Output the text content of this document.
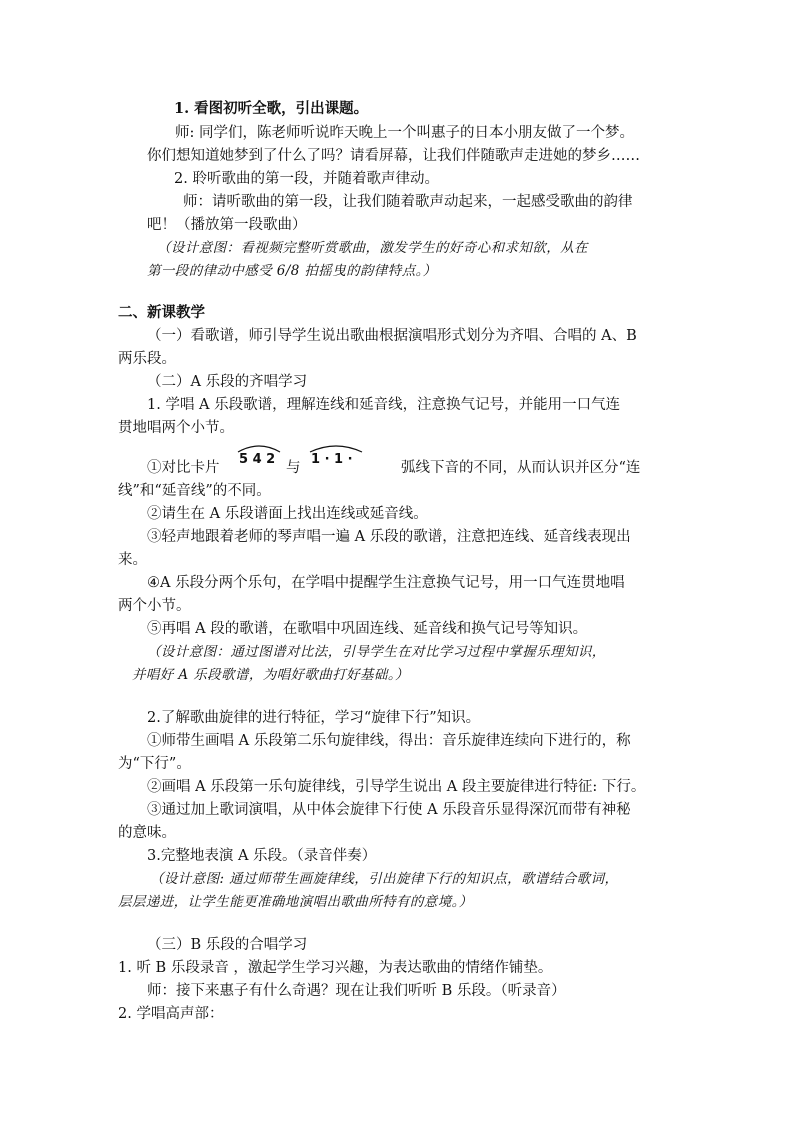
1. 看图初听全歌，引出课题。
师: 同学们，陈老师听说昨天晚上一个叫惠子的日本小朋友做了一个梦。
你们想知道她梦到了什么了吗？请看屏幕，让我们伴随歌声走进她的梦乡……
2. 聆听歌曲的第一段，并随着歌声律动。
师：请听歌曲的第一段，让我们随着歌声动起来，一起感受歌曲的韵律
吧！（播放第一段歌曲）
（设计意图：看视频完整听赏歌曲，激发学生的好奇心和求知欲，从在
第一段的律动中感受 6/8 拍摇曳的韵律特点。）
二、新课教学
（一）看歌谱，师引导学生说出歌曲根据演唱形式划分为齐唱、合唱的 A、B
两乐段。
（二）A 乐段的齐唱学习
1. 学唱 A 乐段歌谱，理解连线和延音线，注意换气记号，并能用一口气连
贯地唱两个小节。
①对比卡片
5 4 2
与
1 · 1 ·
弧线下音的不同，从而认识并区分“连
线”和“延音线”的不同。
②请生在 A 乐段谱面上找出连线或延音线。
③轻声地跟着老师的琴声唱一遍 A 乐段的歌谱，注意把连线、延音线表现出
来。
④A 乐段分两个乐句，在学唱中提醒学生注意换气记号，用一口气连贯地唱
两个小节。
⑤再唱 A 段的歌谱，在歌唱中巩固连线、延音线和换气记号等知识。
（设计意图：通过图谱对比法，引导学生在对比学习过程中掌握乐理知识，
并唱好 A 乐段歌谱，为唱好歌曲打好基础。）
2.了解歌曲旋律的进行特征，学习“旋律下行”知识。
①师带生画唱 A 乐段第二乐句旋律线，得出：音乐旋律连续向下进行的，称
为“下行”。
②画唱 A 乐段第一乐句旋律线，引导学生说出 A 段主要旋律进行特征: 下行。
③通过加上歌词演唱，从中体会旋律下行使 A 乐段音乐显得深沉而带有神秘
的意味。
3.完整地表演 A 乐段。（录音伴奏）
（设计意图: 通过师带生画旋律线，引出旋律下行的知识点，歌谱结合歌词，
层层递进，让学生能更准确地演唱出歌曲所特有的意境。）
（三）B 乐段的合唱学习
1. 听 B 乐段录音 ，激起学生学习兴趣，为表达歌曲的情绪作铺垫。
师：接下来惠子有什么奇遇？现在让我们听听 B 乐段。（听录音）
2. 学唱高声部：
